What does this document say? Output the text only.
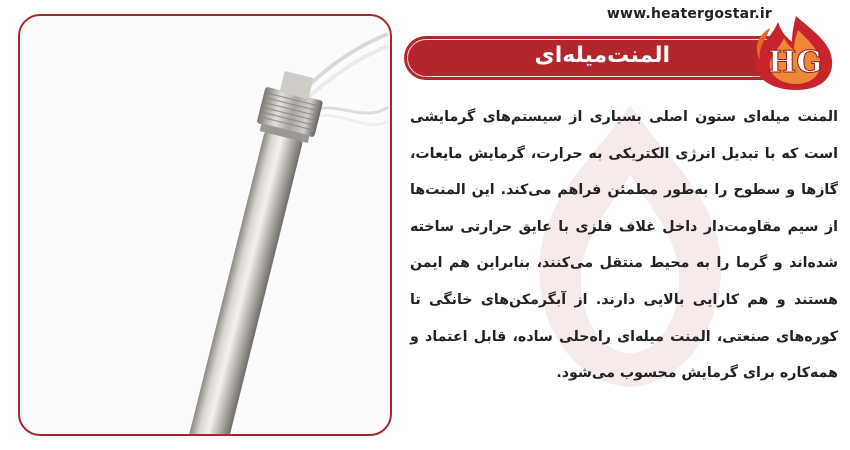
www.heatergostar.ir
المنت‌میله‌ای	HG
المنت میله‌ای ستون اصلی بسیاری از سیستم‌های گرمایشی است که با تبدیل انرژی الکتریکی به حرارت، گرمایش مایعات، گازها و سطوح را به‌طور مطمئن فراهم می‌کند. این المنت‌ها از سیم مقاومت‌دار داخل غلاف فلزی با عایق حرارتی ساخته شده‌اند و گرما را به محیط منتقل می‌کنند، بنابراین هم ایمن هستند و هم کارایی بالایی دارند. از آبگرمکن‌های خانگی تا کوره‌های صنعتی، المنت میله‌ای راه‌حلی ساده، قابل اعتماد و همه‌کاره برای گرمایش محسوب می‌شود.
